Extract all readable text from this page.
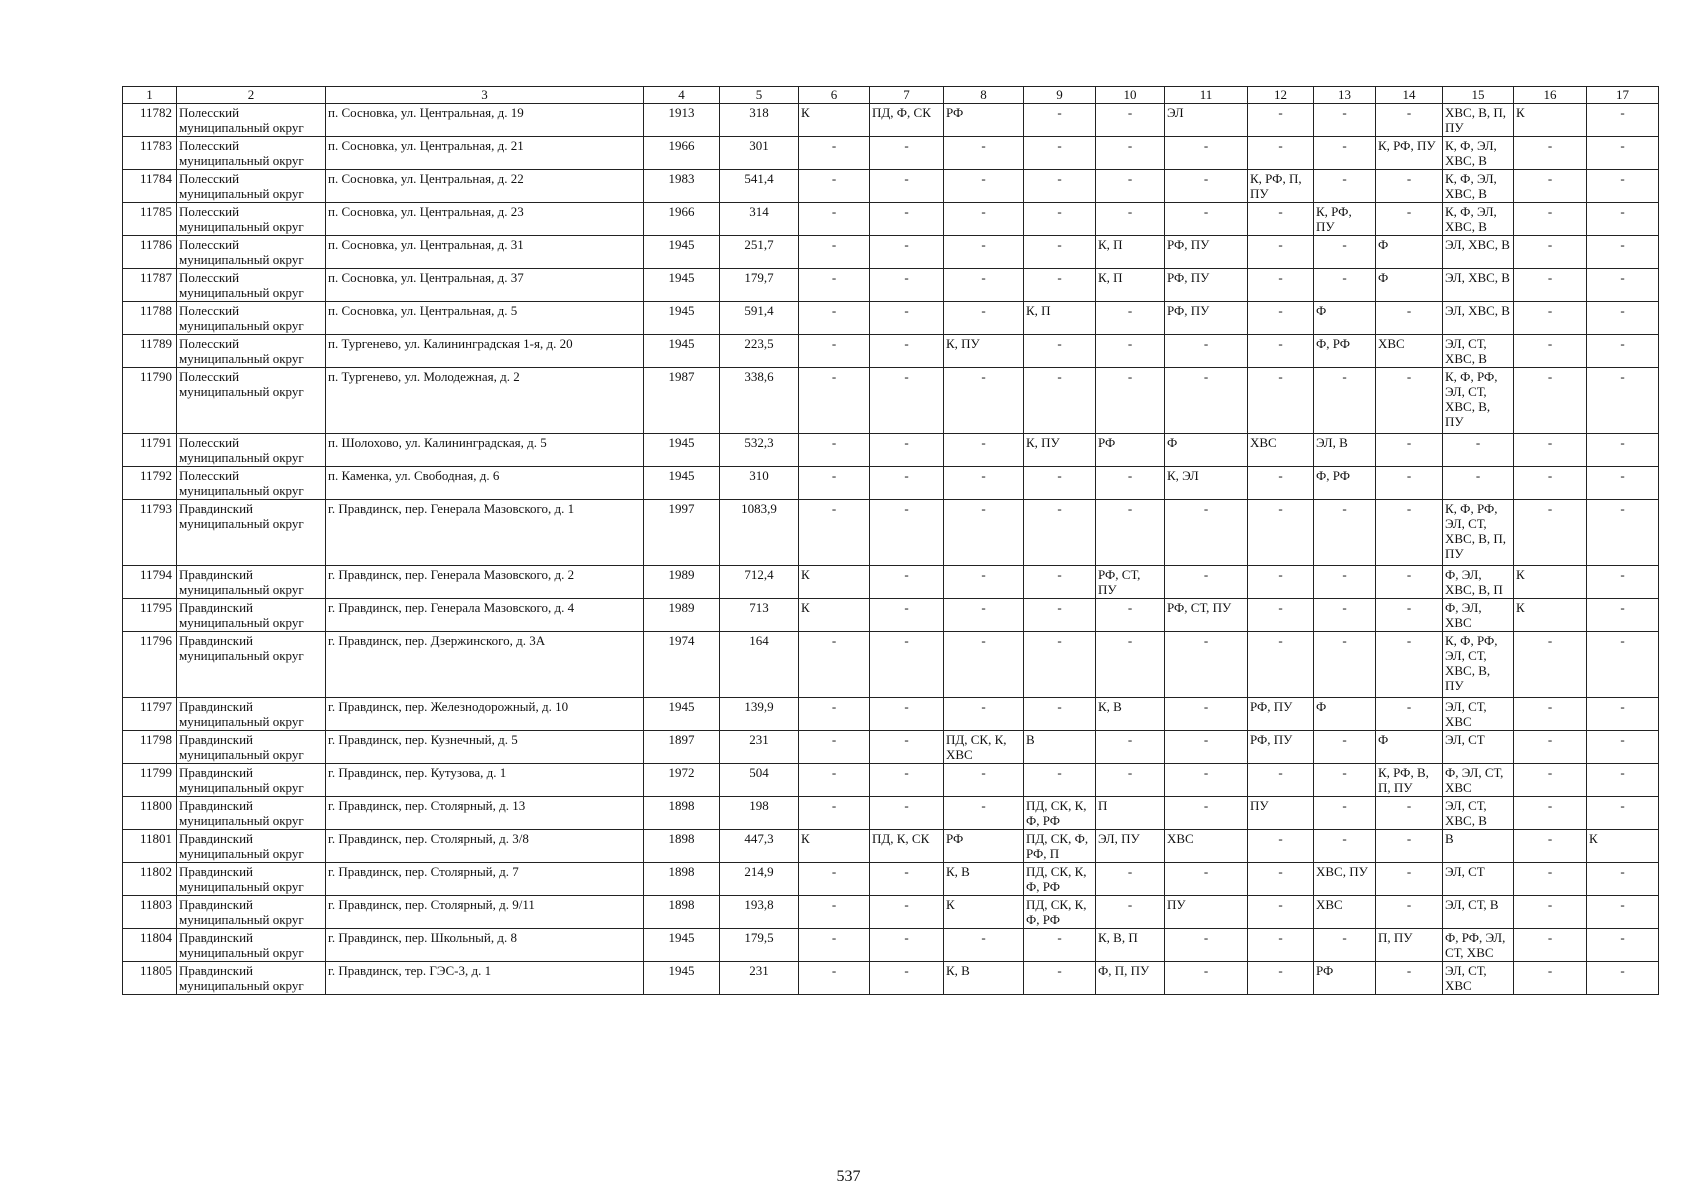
1	2	3	4	5	6	7	8	9	10	11	12	13	14	15	16	17
11782	Полесский муниципальный округ	п. Сосновка, ул. Центральная, д. 19	1913	318	К	ПД, Ф, СК	РФ	-	-	ЭЛ	-	-	-	ХВС, В, П, ПУ	К	-
11783	Полесский муниципальный округ	п. Сосновка, ул. Центральная, д. 21	1966	301	-	-	-	-	-	-	-	-	К, РФ, ПУ	К, Ф, ЭЛ, ХВС, В	-	-
11784	Полесский муниципальный округ	п. Сосновка, ул. Центральная, д. 22	1983	541,4	-	-	-	-	-	-	К, РФ, П, ПУ	-	-	К, Ф, ЭЛ, ХВС, В	-	-
11785	Полесский муниципальный округ	п. Сосновка, ул. Центральная, д. 23	1966	314	-	-	-	-	-	-	-	К, РФ, ПУ	-	К, Ф, ЭЛ, ХВС, В	-	-
11786	Полесский муниципальный округ	п. Сосновка, ул. Центральная, д. 31	1945	251,7	-	-	-	-	К, П	РФ, ПУ	-	-	Ф	ЭЛ, ХВС, В	-	-
11787	Полесский муниципальный округ	п. Сосновка, ул. Центральная, д. 37	1945	179,7	-	-	-	-	К, П	РФ, ПУ	-	-	Ф	ЭЛ, ХВС, В	-	-
11788	Полесский муниципальный округ	п. Сосновка, ул. Центральная, д. 5	1945	591,4	-	-	-	К, П	-	РФ, ПУ	-	Ф	-	ЭЛ, ХВС, В	-	-
11789	Полесский муниципальный округ	п. Тургенево, ул. Калининградская 1-я, д. 20	1945	223,5	-	-	К, ПУ	-	-	-	-	Ф, РФ	ХВС	ЭЛ, СТ, ХВС, В	-	-
11790	Полесский муниципальный округ	п. Тургенево, ул. Молодежная, д. 2	1987	338,6	-	-	-	-	-	-	-	-	-	К, Ф, РФ, ЭЛ, СТ, ХВС, В, ПУ	-	-
11791	Полесский муниципальный округ	п. Шолохово, ул. Калининградская, д. 5	1945	532,3	-	-	-	К, ПУ	РФ	Ф	ХВС	ЭЛ, В	-	-	-	-
11792	Полесский муниципальный округ	п. Каменка, ул. Свободная, д. 6	1945	310	-	-	-	-	-	К, ЭЛ	-	Ф, РФ	-	-	-	-
11793	Правдинский муниципальный округ	г. Правдинск, пер. Генерала Мазовского, д. 1	1997	1083,9	-	-	-	-	-	-	-	-	-	К, Ф, РФ, ЭЛ, СТ, ХВС, В, П, ПУ	-	-
11794	Правдинский муниципальный округ	г. Правдинск, пер. Генерала Мазовского, д. 2	1989	712,4	К	-	-	-	РФ, СТ, ПУ	-	-	-	-	Ф, ЭЛ, ХВС, В, П	К	-
11795	Правдинский муниципальный округ	г. Правдинск, пер. Генерала Мазовского, д. 4	1989	713	К	-	-	-	-	РФ, СТ, ПУ	-	-	-	Ф, ЭЛ, ХВС	К	-
11796	Правдинский муниципальный округ	г. Правдинск, пер. Дзержинского, д. 3А	1974	164	-	-	-	-	-	-	-	-	-	К, Ф, РФ, ЭЛ, СТ, ХВС, В, ПУ	-	-
11797	Правдинский муниципальный округ	г. Правдинск, пер. Железнодорожный, д. 10	1945	139,9	-	-	-	-	К, В	-	РФ, ПУ	Ф	-	ЭЛ, СТ, ХВС	-	-
11798	Правдинский муниципальный округ	г. Правдинск, пер. Кузнечный, д. 5	1897	231	-	-	ПД, СК, К, ХВС	В	-	-	РФ, ПУ	-	Ф	ЭЛ, СТ	-	-
11799	Правдинский муниципальный округ	г. Правдинск, пер. Кутузова, д. 1	1972	504	-	-	-	-	-	-	-	-	К, РФ, В, П, ПУ	Ф, ЭЛ, СТ, ХВС	-	-
11800	Правдинский муниципальный округ	г. Правдинск, пер. Столярный, д. 13	1898	198	-	-	-	ПД, СК, К, Ф, РФ	П	-	ПУ	-	-	ЭЛ, СТ, ХВС, В	-	-
11801	Правдинский муниципальный округ	г. Правдинск, пер. Столярный, д. 3/8	1898	447,3	К	ПД, К, СК	РФ	ПД, СК, Ф, РФ, П	ЭЛ, ПУ	ХВС	-	-	-	В	-	К
11802	Правдинский муниципальный округ	г. Правдинск, пер. Столярный, д. 7	1898	214,9	-	-	К, В	ПД, СК, К, Ф, РФ	-	-	-	ХВС, ПУ	-	ЭЛ, СТ	-	-
11803	Правдинский муниципальный округ	г. Правдинск, пер. Столярный, д. 9/11	1898	193,8	-	-	К	ПД, СК, К, Ф, РФ	-	ПУ	-	ХВС	-	ЭЛ, СТ, В	-	-
11804	Правдинский муниципальный округ	г. Правдинск, пер. Школьный, д. 8	1945	179,5	-	-	-	-	К, В, П	-	-	-	П, ПУ	Ф, РФ, ЭЛ, СТ, ХВС	-	-
11805	Правдинский муниципальный округ	г. Правдинск, тер. ГЭС-3, д. 1	1945	231	-	-	К, В	-	Ф, П, ПУ	-	-	РФ	-	ЭЛ, СТ, ХВС	-	-
537
